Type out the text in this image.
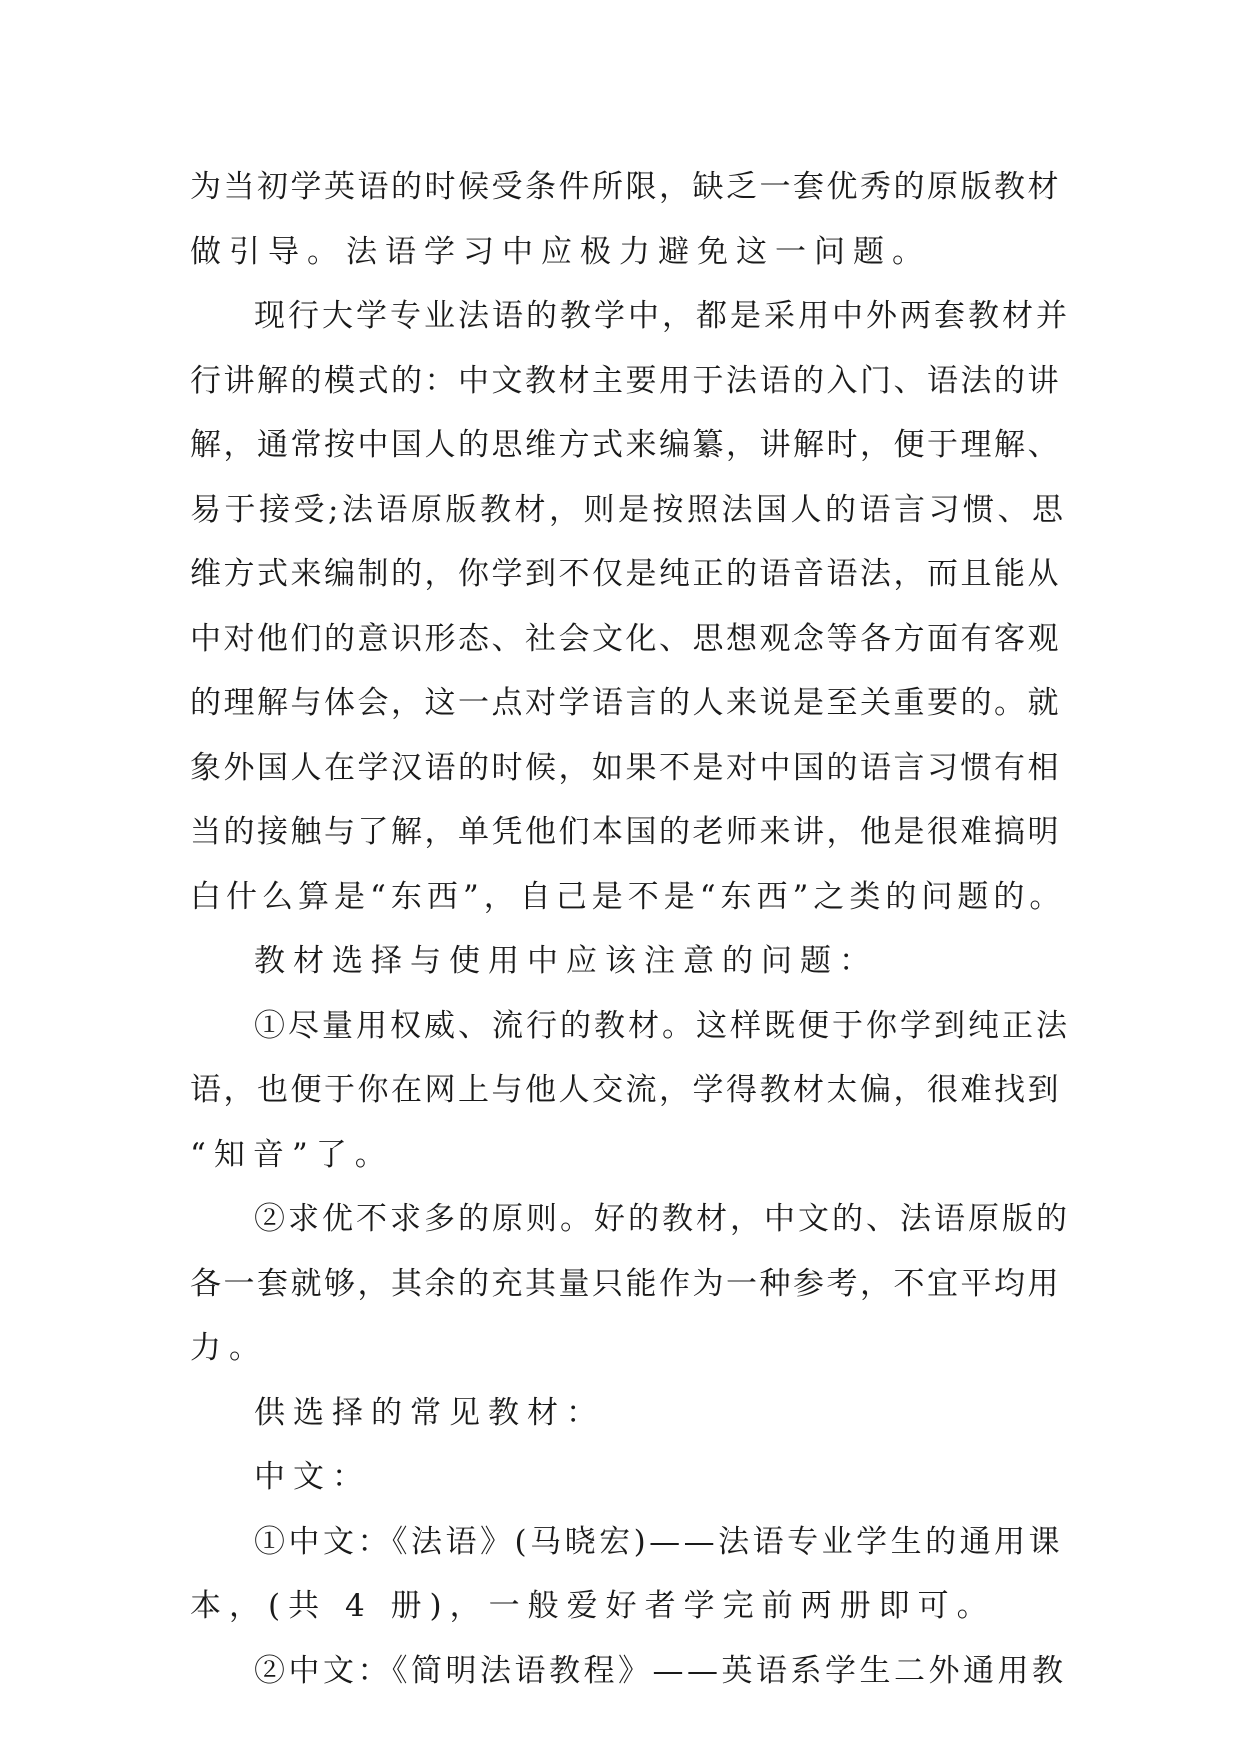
为当初学英语的时候受条件所限，缺乏一套优秀的原版教材
做引导。法语学习中应极力避免这一问题。
现行大学专业法语的教学中，都是采用中外两套教材并
行讲解的模式的：中文教材主要用于法语的入门、语法的讲
解，通常按中国人的思维方式来编纂，讲解时，便于理解、
易于接受;法语原版教材，则是按照法国人的语言习惯、思
维方式来编制的，你学到不仅是纯正的语音语法，而且能从
中对他们的意识形态、社会文化、思想观念等各方面有客观
的理解与体会，这一点对学语言的人来说是至关重要的。就
象外国人在学汉语的时候，如果不是对中国的语言习惯有相
当的接触与了解，单凭他们本国的老师来讲，他是很难搞明
白什么算是“东西”，自己是不是“东西”之类的问题的。
教材选择与使用中应该注意的问题：
①尽量用权威、流行的教材。这样既便于你学到纯正法
语，也便于你在网上与他人交流，学得教材太偏，很难找到
“知音”了。
②求优不求多的原则。好的教材，中文的、法语原版的
各一套就够，其余的充其量只能作为一种参考，不宜平均用
力。
供选择的常见教材：
中文：
①中文：《法语》(马晓宏)——法语专业学生的通用课
本，(共 4 册)，一般爱好者学完前两册即可。
②中文：《简明法语教程》——英语系学生二外通用教
